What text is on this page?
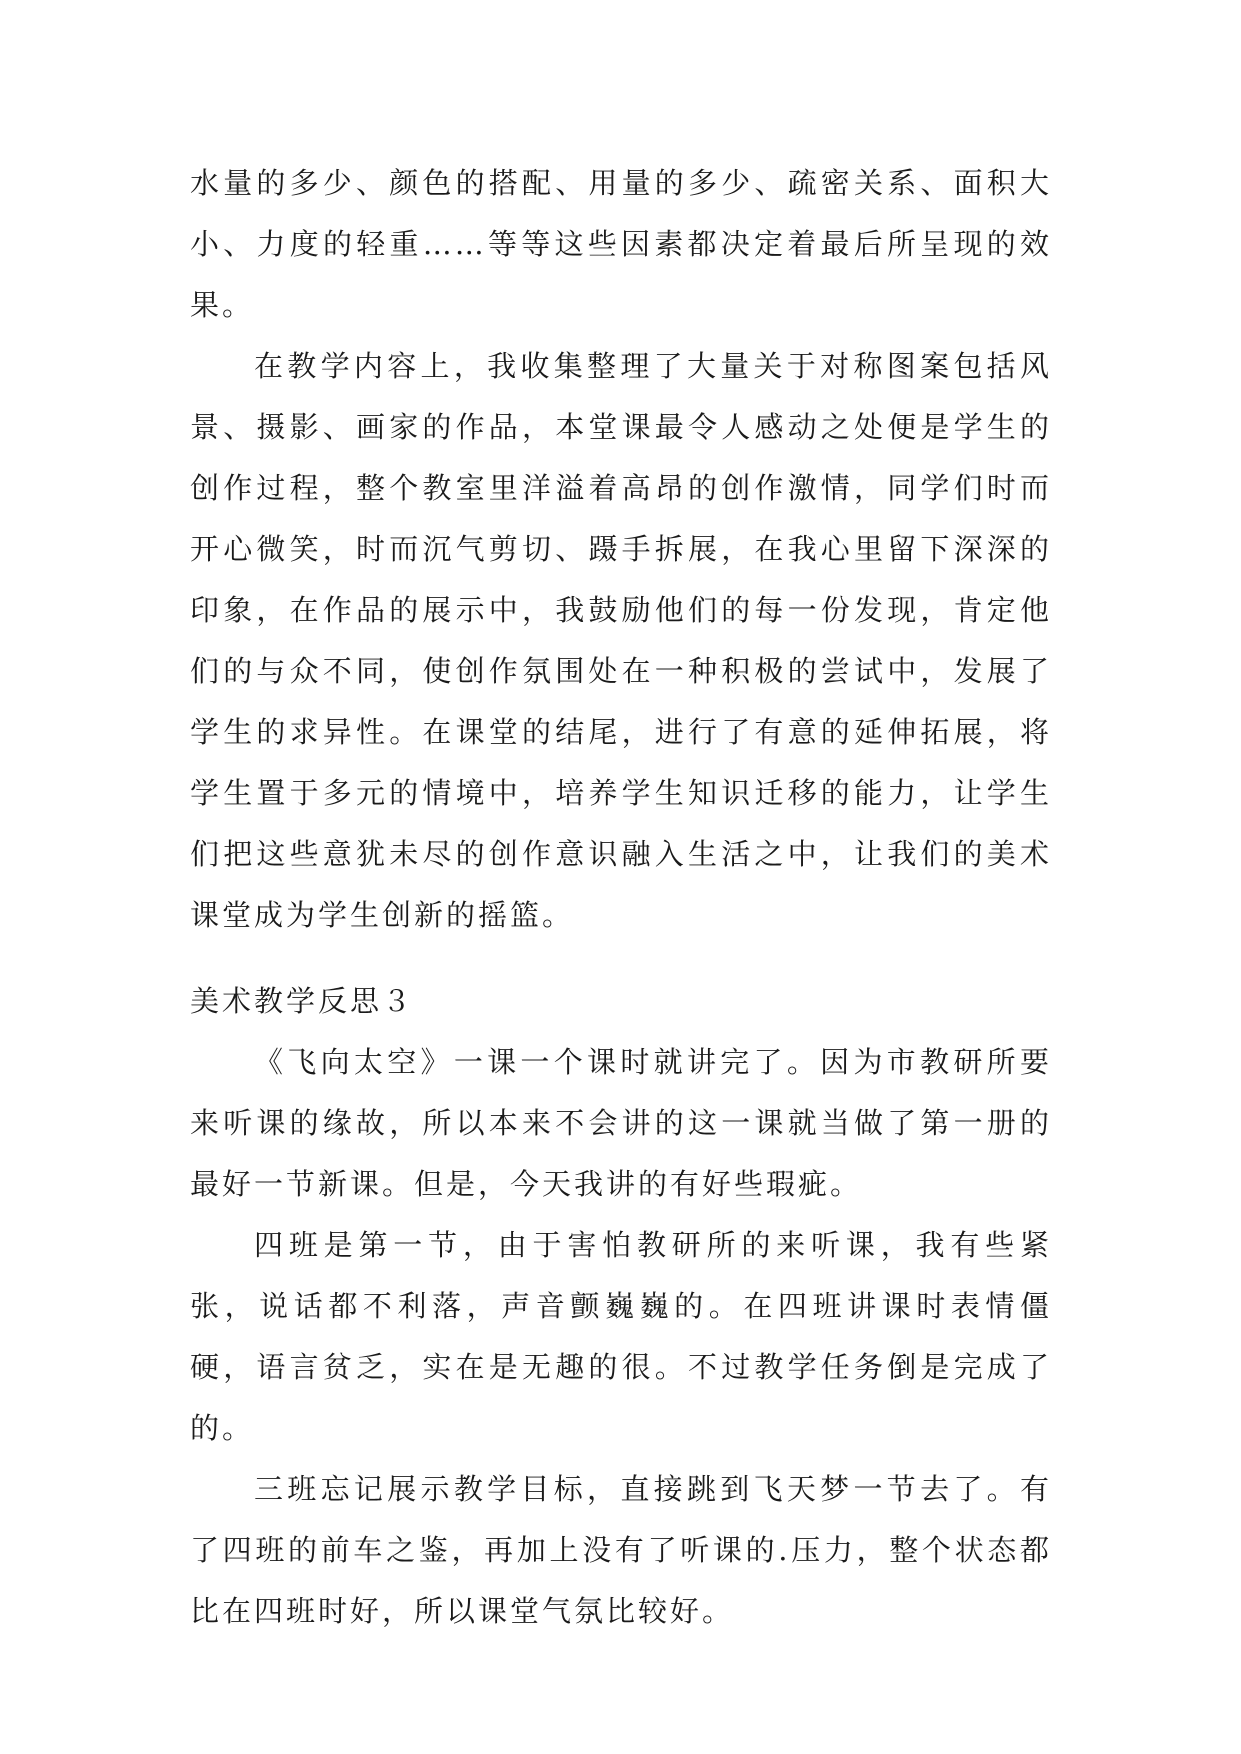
水量的多少、颜色的搭配、用量的多少、疏密关系、面积大小、力度的轻重……等等这些因素都决定着最后所呈现的效果。

在教学内容上，我收集整理了大量关于对称图案包括风景、摄影、画家的作品，本堂课最令人感动之处便是学生的创作过程，整个教室里洋溢着高昂的创作激情，同学们时而开心微笑，时而沉气剪切、蹑手拆展，在我心里留下深深的印象，在作品的展示中，我鼓励他们的每一份发现，肯定他们的与众不同，使创作氛围处在一种积极的尝试中，发展了学生的求异性。在课堂的结尾，进行了有意的延伸拓展，将学生置于多元的情境中，培养学生知识迁移的能力，让学生们把这些意犹未尽的创作意识融入生活之中，让我们的美术课堂成为学生创新的摇篮。

美术教学反思３

《飞向太空》一课一个课时就讲完了。因为市教研所要来听课的缘故，所以本来不会讲的这一课就当做了第一册的最好一节新课。但是，今天我讲的有好些瑕疵。

四班是第一节，由于害怕教研所的来听课，我有些紧张，说话都不利落，声音颤巍巍的。在四班讲课时表情僵硬，语言贫乏，实在是无趣的很。不过教学任务倒是完成了的。

三班忘记展示教学目标，直接跳到飞天梦一节去了。有了四班的前车之鉴，再加上没有了听课的.压力，整个状态都比在四班时好，所以课堂气氛比较好。
